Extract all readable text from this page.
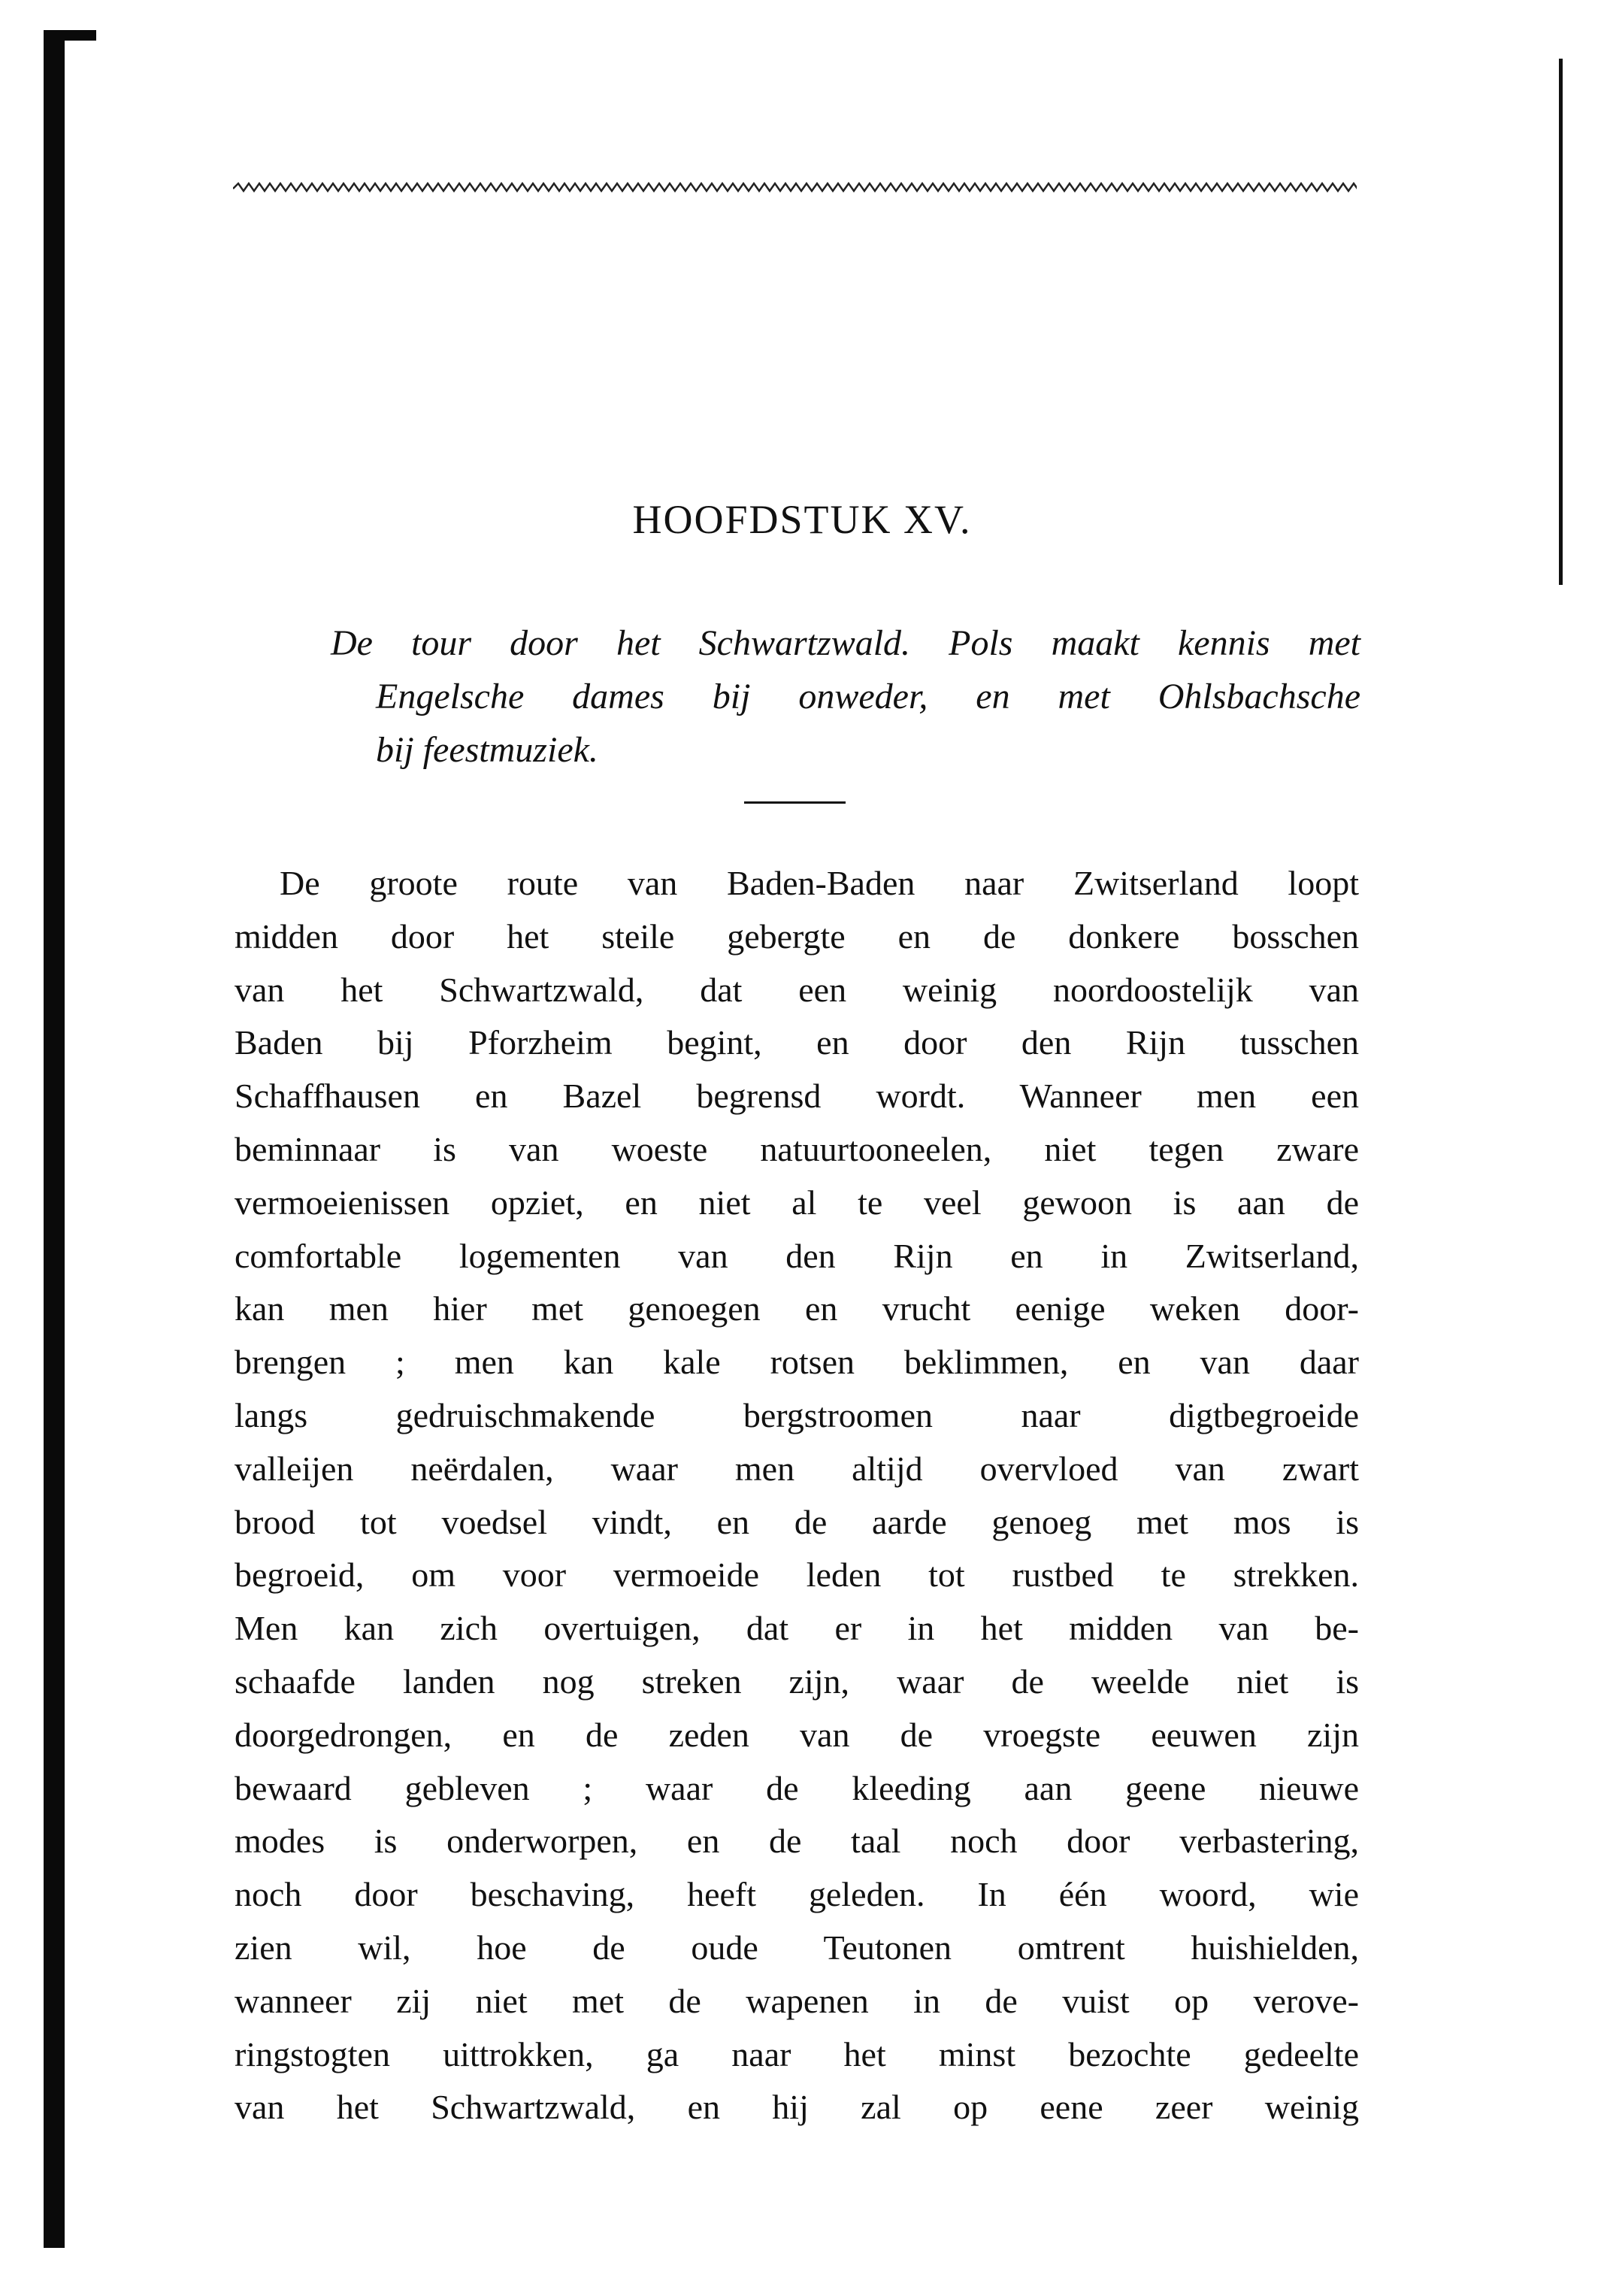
HOOFDSTUK XV.
De tour door het Schwartzwald. Pols maakt kennis met
Engelsche dames bij onweder, en met Ohlsbachsche
bij feestmuziek.
De groote route van Baden-Baden naar Zwitserland loopt
midden door het steile gebergte en de donkere bosschen
van het Schwartzwald, dat een weinig noordoostelijk van
Baden bij Pforzheim begint, en door den Rijn tusschen
Schaffhausen en Bazel begrensd wordt. Wanneer men een
beminnaar is van woeste natuurtooneelen, niet tegen zware
vermoeienissen opziet, en niet al te veel gewoon is aan de
comfortable logementen van den Rijn en in Zwitserland,
kan men hier met genoegen en vrucht eenige weken door-
brengen ; men kan kale rotsen beklimmen, en van daar
langs gedruischmakende bergstroomen naar digtbegroeide
valleijen neërdalen, waar men altijd overvloed van zwart
brood tot voedsel vindt, en de aarde genoeg met mos is
begroeid, om voor vermoeide leden tot rustbed te strekken.
Men kan zich overtuigen, dat er in het midden van be-
schaafde landen nog streken zijn, waar de weelde niet is
doorgedrongen, en de zeden van de vroegste eeuwen zijn
bewaard gebleven ; waar de kleeding aan geene nieuwe
modes is onderworpen, en de taal noch door verbastering,
noch door beschaving, heeft geleden. In één woord, wie
zien wil, hoe de oude Teutonen omtrent huishielden,
wanneer zij niet met de wapenen in de vuist op verove-
ringstogten uittrokken, ga naar het minst bezochte gedeelte
van het Schwartzwald, en hij zal op eene zeer weinig
